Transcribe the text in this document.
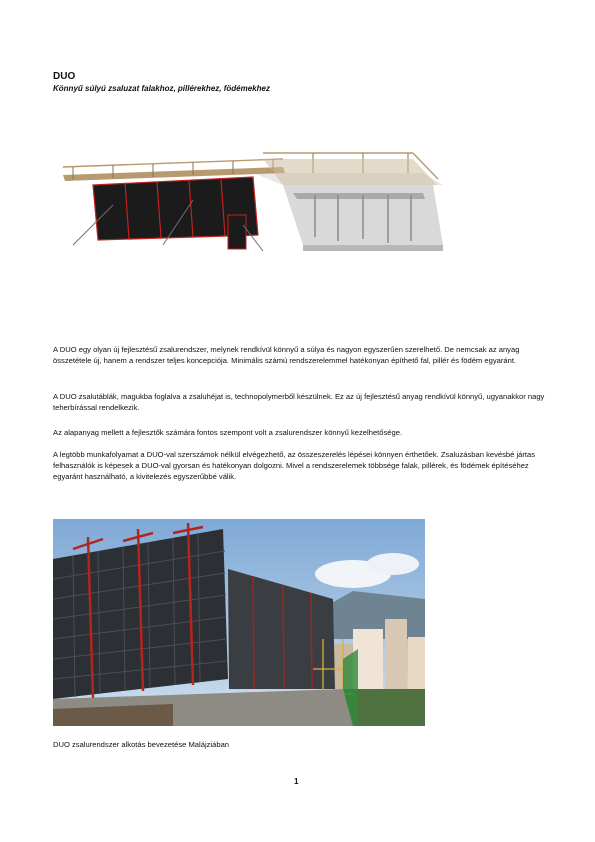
DUO
Könnyű súlyú zsaluzat falakhoz, pillérekhez, födémekhez
A DUO egy olyan új fejlesztésű zsalurendszer, melynek rendkívül könnyű a súlya és nagyon egyszerűen szerelhető. De nemcsak az anyag összetétele új, hanem a rendszer teljes koncepciója. Minimális számú rendszerelemmel hatékonyan építhető fal, pillér és födém egyaránt.
A DUO zsalutáblák, magukba foglalva a zsaluhéjat is, technopolymerből készülnek. Ez az új fejlesztésű anyag rendkívül könnyű, ugyanakkor nagy teherbírással rendelkezik.
Az alapanyag mellett a fejlesztők számára fontos szempont volt a zsalurendszer könnyű kezelhetősége.
A legtöbb munkafolyamat a DUO-val szerszámok nélkül elvégezhető, az összeszerelés lépései könnyen érthetőek. Zsaluzásban kevésbé jártas felhasználók is képesek a DUO-val gyorsan és hatékonyan dolgozni. Mivel a rendszerelemek többsége falak, pillérek, és födémek építéséhez egyaránt használható, a kivitelezés egyszerűbbé válik.
DUO zsalurendszer alkotás bevezetése Malájziában
1
